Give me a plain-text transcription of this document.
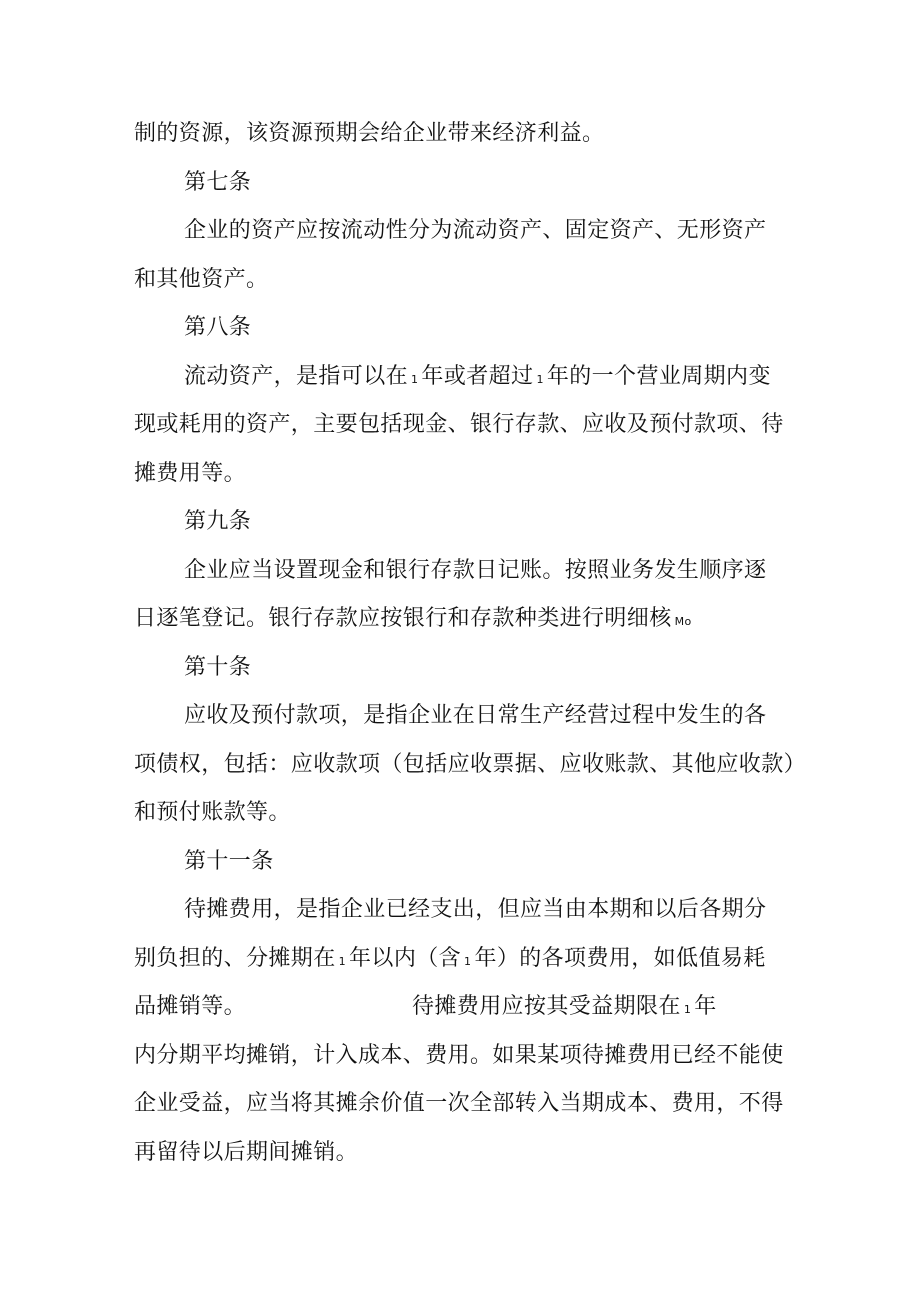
制的资源，该资源预期会给企业带来经济利益。
第七条
企业的资产应按流动性分为流动资产、固定资产、无形资产
和其他资产。
第八条
流动资产，是指可以在 1 年或者超过 1 年的一个营业周期内变
现或耗用的资产，主要包括现金、银行存款、应收及预付款项、待
摊费用等。
第九条
企业应当设置现金和银行存款日记账。按照业务发生顺序逐
日逐笔登记。银行存款应按银行和存款种类进行明细核 Mo
第十条
应收及预付款项，是指企业在日常生产经营过程中发生的各
项债权，包括：应收款项（包括应收票据、应收账款、其他应收款）
和预付账款等。
第十一条
待摊费用，是指企业已经支出，但应当由本期和以后各期分
别负担的、分摊期在 1 年以内（含 1 年）的各项费用，如低值易耗
品摊销等。	待摊费用应按其受益期限在 1 年
内分期平均摊销，计入成本、费用。如果某项待摊费用已经不能使
企业受益，应当将其摊余价值一次全部转入当期成本、费用，不得
再留待以后期间摊销。
